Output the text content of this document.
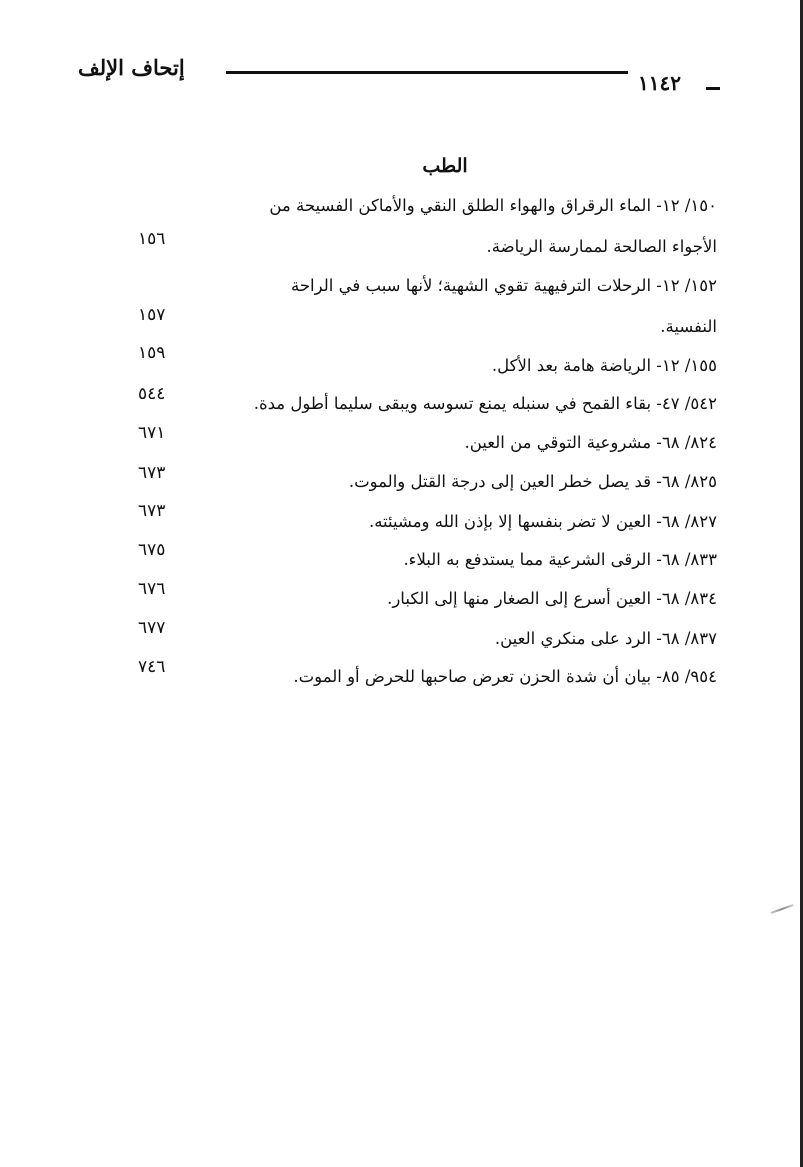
إتحاف الإلف
١١٤٢
الطب
١٥٠/ ١٢- الماء الرقراق والهواء الطلق النقي والأماكن الفسيحة من
١٥٦	الأجواء الصالحة لممارسة الرياضة.
١٥٢/ ١٢- الرحلات الترفيهية تقوي الشهية؛ لأنها سبب في الراحة
١٥٧
النفسية.
١٥٥/ ١٢- الرياضة هامة بعد الأكل.
١٥٩
٥٤٢/ ٤٧- بقاء القمح في سنبله يمنع تسوسه ويبقى سليما أطول مدة.
٥٤٤
٨٢٤/ ٦٨- مشروعية التوقي من العين.
٦٧١
٨٢٥/ ٦٨- قد يصل خطر العين إلى درجة القتل والموت.
٦٧٣
٨٢٧/ ٦٨- العين لا تضر بنفسها إلا بإذن الله ومشيئته.
٦٧٣
٨٣٣/ ٦٨- الرقى الشرعية مما يستدفع به البلاء.
٦٧٥
٨٣٤/ ٦٨- العين أسرع إلى الصغار منها إلى الكبار.
٦٧٦
٨٣٧/ ٦٨- الرد على منكري العين.
٦٧٧
٩٥٤/ ٨٥- بيان أن شدة الحزن تعرض صاحبها للحرض أو الموت.
٧٤٦
